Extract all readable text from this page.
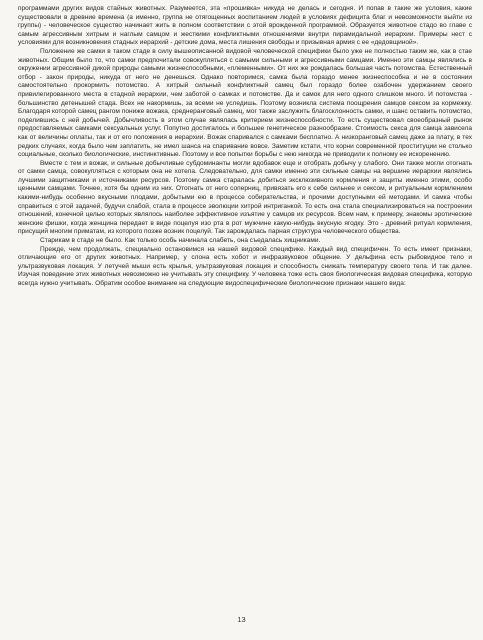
программами других видов стайных животных. Разумеется, эта «прошивка» никуда не делась и сегодня. И попав в такие же условия, какие существовали в древние времена (а именно, группа не отягощенных воспитанием людей в условиях дефицита благ и невозможности выйти из группы) - человеческое существо начинает жить в полном соответствии с этой врожденной программой. Образуется животное стадо во главе с самым агрессивным хитрым и наглым самцом и жесткими конфликтными отношениями внутри пирамидальной иерархии. Примеры нест с условиями для возникновения стадных иерархий - детские дома, места лишения свободы и призывная армия с ее «дедовщиной».

Положение же самки в таком стаде в силу вышеописанной видовой человеческой специфики было уже не полностью таким же, как в стае животных. Общим было то, что самки предпочитали совокупляться с самыми сильными и агрессивными самцами. Именно эти самцы являлись в окружении агрессивной дикой природы самыми жизнеспособными, «племенными». От них же рождалась большая часть потомства. Естественный отбор - закон природы, никуда от него не денешься. Однако повторимся, самка была гораздо менее жизнеспособна и не в состоянии самостоятельно прокормить потомство. А хитрый сильный конфликтный самец был гораздо более озабочен удержанием своего привилегированного места в стадной иерархии, чем заботой о самках и потомстве. Да и самок для него одного слишком много. И потомства - большинство детенышей стада. Всех не накормишь, за всеми не уследишь. Поэтому возникла система поощрения самцов сексом за кормежку. Благодаря которой самец рангом пониже вожака, среднеранговый самец, мог также заслужить благосклонность самки, и шанс оставить потомство, поделившись с ней добычей. Добычливость в этом случае являлась критерием жизнеспособности. То есть существовал своеобразный рынок предоставляемых самками сексуальных услуг. Попутно достигалось и большее генетическое разнообразие. Стоимость секса для самца зависела как от величины оплаты, так и от его положения в иерархии. Вожак спаривался с самками бесплатно. А низкоранговый самец даже за плату, в тех редких случаях, когда было чем заплатить, не имел шанса на спаривание вовсе. Заметим кстати, что корни современной проституции не столько социальные, сколько биологические, инстинктивные. Поэтому и все попытки борьбы с нею никогда не приводили к полному ее искоренению.

Вместе с тем и вожак, и сильные добычливые субдоминанты могли вдобавок еще и отобрать добычу у слабого. Они также могли отогнать от самки самца, совокупляться с которым она не хотела. Следовательно, для самки именно эти сильные самцы на вершине иерархии являлись лучшими защитниками и источниками ресурсов. Поэтому самка старалась добиться эксклюзивного кормления и защиты именно этими, особо ценными самцами. Точнее, хотя бы одним из них. Отогнать от него соперниц, привязать его к себе сильнее и сексом, и ритуальным кормлением какими-нибудь особенно вкусными плодами, добытыми ею в процессе собирательства, и прочими доступными ей методами. И самка чтобы справиться с этой задачей, будучи слабой, стала в процессе эволюции хитрой интриганкой. То есть она стала специализироваться на построении отношений, конечной целью которых являлось наиболее эффективное изъятие у самцов их ресурсов. Всем нам, к примеру, знакомы эротические женские фишки, когда женщина передает в виде поцелуя изо рта в рот мужчине какую-нибудь вкусную ягодку. Это - древний ритуал кормления, присущий многим приматам, из которого позже возник поцелуй. Так зарождалась парная структура человеческого общества.

Старикам в стаде не было. Как только особь начинала слабеть, она съедалась хищниками.

Прежде, чем продолжать, специально остановимся на нашей видовой специфике. Каждый вид специфичен. То есть имеет признаки, отличающие его от других животных. Например, у слона есть хобот и инфразвуковое общение. У дельфина есть рыбовидное тело и ультразвуковая локация. У летучей мыши есть крылья, ультразвуковая локация и способность снижать температуру своего тела. И так далее. Изучая поведение этих животных невозможно не учитывать эту специфику. У человека тоже есть своя биологическая видовая специфика, которую всегда нужно учитывать. Обратим особое внимание на следующие видоспецифические биологические признаки нашего вида:

13
